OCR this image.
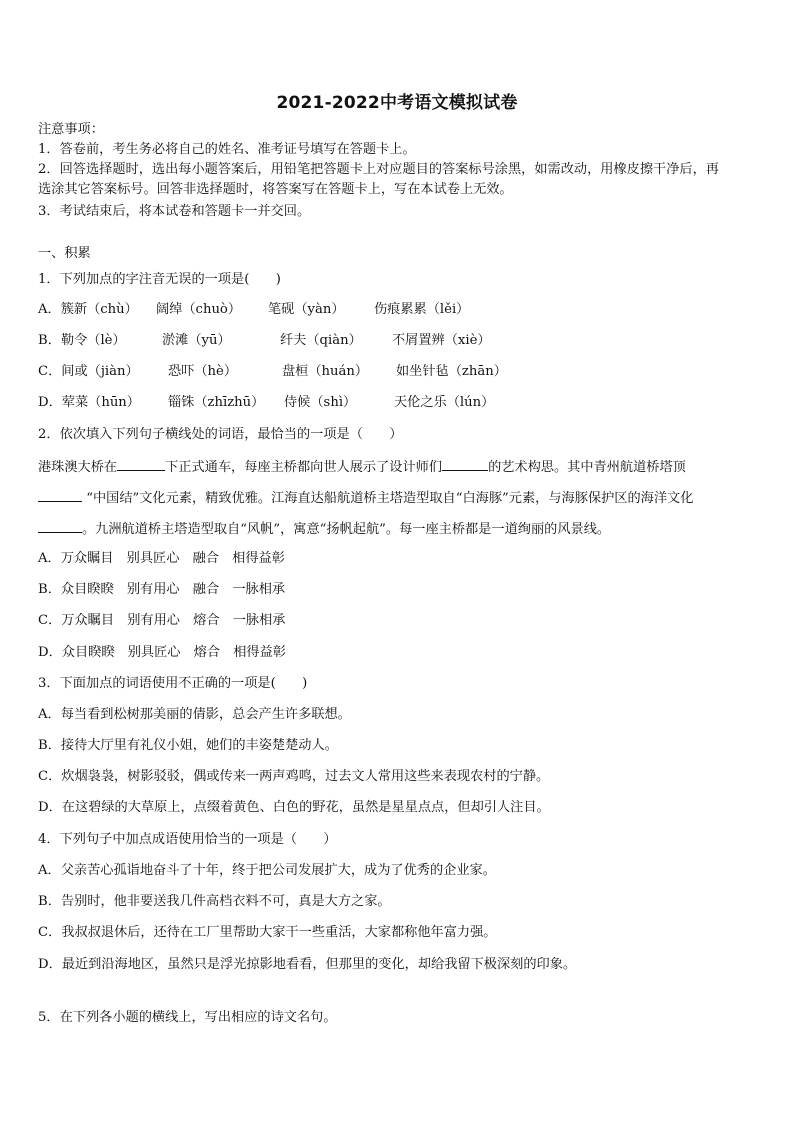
2021-2022中考语文模拟试卷
注意事项：
1．答卷前，考生务必将自己的姓名、准考证号填写在答题卡上。
2．回答选择题时，选出每小题答案后，用铅笔把答题卡上对应题目的答案标号涂黑，如需改动，用橡皮擦干净后，再
选涂其它答案标号。回答非选择题时，将答案写在答题卡上，写在本试卷上无效。
3．考试结束后，将本试卷和答题卡一并交回。
一、积累
1．下列加点的字注音无误的一项是(　　)
A．簇新（chù） 阔绰（chuò） 笔砚（yàn） 伤痕累累（lěi）
B．勒令（lè）	淤滩（yū）	纤夫（qiàn） 不屑置辨（xiè）
C．间或（jiàn） 恐吓（hè）	盘桓（huán） 如坐针毡（zhān）
D．荤菜（hūn） 锱铢（zhīzhū） 侍候（shì）	天伦之乐（lún）
2．依次填入下列句子横线处的词语，最恰当的一项是（　　）
港珠澳大桥在	下正式通车，每座主桥都向世人展示了设计师们	的艺术构思。其中青州航道桥塔顶
“中国结”文化元素，精致优雅。江海直达船航道桥主塔造型取自“白海豚”元素，与海豚保护区的海洋文化
。九洲航道桥主塔造型取自“风帆”，寓意“扬帆起航”。每一座主桥都是一道绚丽的风景线。
A．万众瞩目　别具匠心　融合　相得益彰
B．众目睽睽　别有用心　融合　一脉相承
C．万众瞩目　别有用心　熔合　一脉相承
D．众目睽睽　别具匠心　熔合　相得益彰
3．下面加点的词语使用不正确的一项是(　　)
A．每当看到松树那美丽的倩影，总会产生许多联想。
B．接待大厅里有礼仪小姐，她们的丰姿楚楚动人。
C．炊烟袅袅，树影驳驳，偶或传来一两声鸡鸣，过去文人常用这些来表现农村的宁静。
D．在这碧绿的大草原上，点缀着黄色、白色的野花，虽然是星星点点，但却引人注目。
4．下列句子中加点成语使用恰当的一项是（　　）
A．父亲苦心孤诣地奋斗了十年，终于把公司发展扩大，成为了优秀的企业家。
B．告别时，他非要送我几件高档衣料不可，真是大方之家。
C．我叔叔退休后，还待在工厂里帮助大家干一些重活，大家都称他年富力强。
D．最近到沿海地区，虽然只是浮光掠影地看看，但那里的变化，却给我留下极深刻的印象。
5．在下列各小题的横线上，写出相应的诗文名句。
